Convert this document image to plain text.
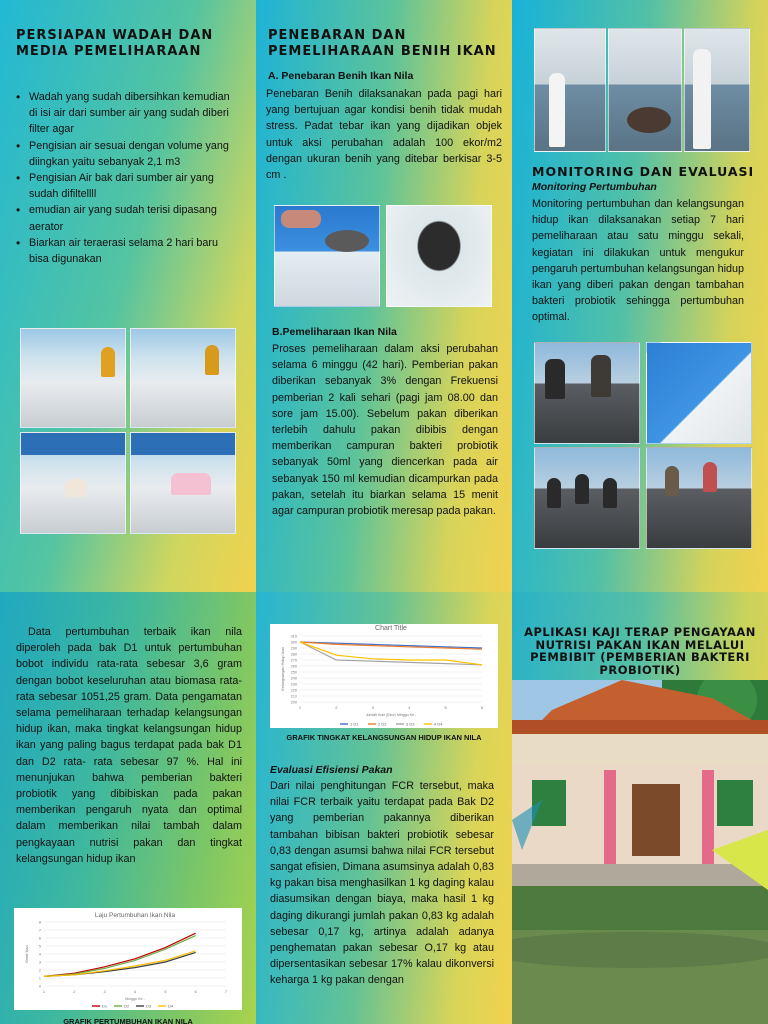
PERSIAPAN WADAH DAN MEDIA PEMELIHARAAN
• Wadah yang sudah dibersihkan kemudian di isi air dari sumber air yang sudah diberi filter agar
• Pengisian air sesuai dengan volume yang diingkan yaitu sebanyak 2,1 m3
• Pengisian Air bak dari sumber air yang sudah difiltellll
• emudian air yang sudah terisi dipasang aerator
• Biarkan air teraerasi selama 2 hari baru bisa digunakan
PENEBARAN DAN PEMELIHARAAN BENIH IKAN
A. Penebaran Benih Ikan Nila
Penebaran Benih dilaksanakan pada pagi hari yang bertujuan agar kondisi benih tidak mudah stress. Padat tebar ikan yang dijadikan objek untuk aksi perubahan adalah 100 ekor/m2 dengan ukuran benih yang ditebar berkisar 3-5 cm .
B.Pemeliharaan Ikan Nila
Proses pemeliharaan dalam aksi perubahan selama 6 minggu (42 hari). Pemberian pakan diberikan sebanyak 3% dengan Frekuensi pemberian 2 kali sehari (pagi jam 08.00 dan sore jam 15.00). Sebelum pakan diberikan terlebih dahulu pakan dibibis dengan memberikan campuran bakteri probiotik sebanyak 50ml yang diencerkan pada air sebanyak 150 ml kemudian dicampurkan pada pakan, setelah itu biarkan selama 15 menit agar campuran probiotik meresap pada pakan.
MONITORING DAN EVALUASI
Monitoring Pertumbuhan
Monitoring pertumbuhan dan kelangsungan hidup ikan dilaksanakan setiap 7 hari pemeliharaan atau satu minggu sekali, kegiatan ini dilakukan untuk mengukur pengaruh pertumbuhan kelangsungan hidup ikan yang diberi pakan dengan tambahan bakteri probiotik sehingga pertumbuhan optimal.
Data pertumbuhan terbaik ikan nila diperoleh pada bak D1 untuk pertumbuhan bobot individu rata-rata sebesar 3,6 gram dengan bobot keseluruhan atau biomasa rata-rata sebesar 1051,25 gram. Data pengamatan selama pemeliharaan terhadap kelangsungan hidup ikan, maka tingkat kelangsungan hidup ikan yang paling bagus terdapat pada bak D1 dan D2 rata- rata sebesar 97 %. Hal ini menunjukan bahwa pemberian bakteri probiotik yang dibibiskan pada pakan memberikan pengaruh nyata dan optimal dalam memberikan nilai tambah dalam pengkayaan nutrisi pakan dan tingkat kelangsungan hidup ikan
Laju Pertumbuhan Ikan Nila
0
1
2
3
4
5
6
7
8
1	2	3	4	5	6	7
Minggu Ke -
Berat Ikan
D1	D2	D3	D4
GRAFIK PERTUMBUHAN IKAN NILA
Chart Title
200
210
220
230
240
250
260
270
280
290
300
310
1	2	3	4	5	6
Jumlah Ikan (Ekor) Minggu Ke -
Kelangsungan Hidup Ikan
1 D1	2 D2	3 D3	4 D4
GRAFIK TINGKAT KELANGSUNGAN HIDUP IKAN NILA
Evaluasi Efisiensi Pakan
Dari nilai penghitungan FCR tersebut, maka nilai FCR terbaik yaitu terdapat pada Bak D2 yang pemberian pakannya diberikan tambahan bibisan bakteri probiotik sebesar 0,83 dengan asumsi bahwa nilai FCR tersebut sangat efisien, Dimana asumsinya adalah 0,83 kg pakan bisa menghasilkan 1 kg daging kalau diasumsikan dengan biaya, maka hasil 1 kg daging dikurangi jumlah pakan 0,83 kg adalah sebesar 0,17 kg, artinya adalah adanya penghematan pakan sebesar O,17 kg atau dipersentasikan sebesar 17% kalau dikonversi keharga 1 kg pakan dengan
APLIKASI KAJI TERAP PENGAYAAN NUTRISI PAKAN IKAN MELALUI PEMBIBIT (PEMBERIAN BAKTERI PROBIOTIK)
